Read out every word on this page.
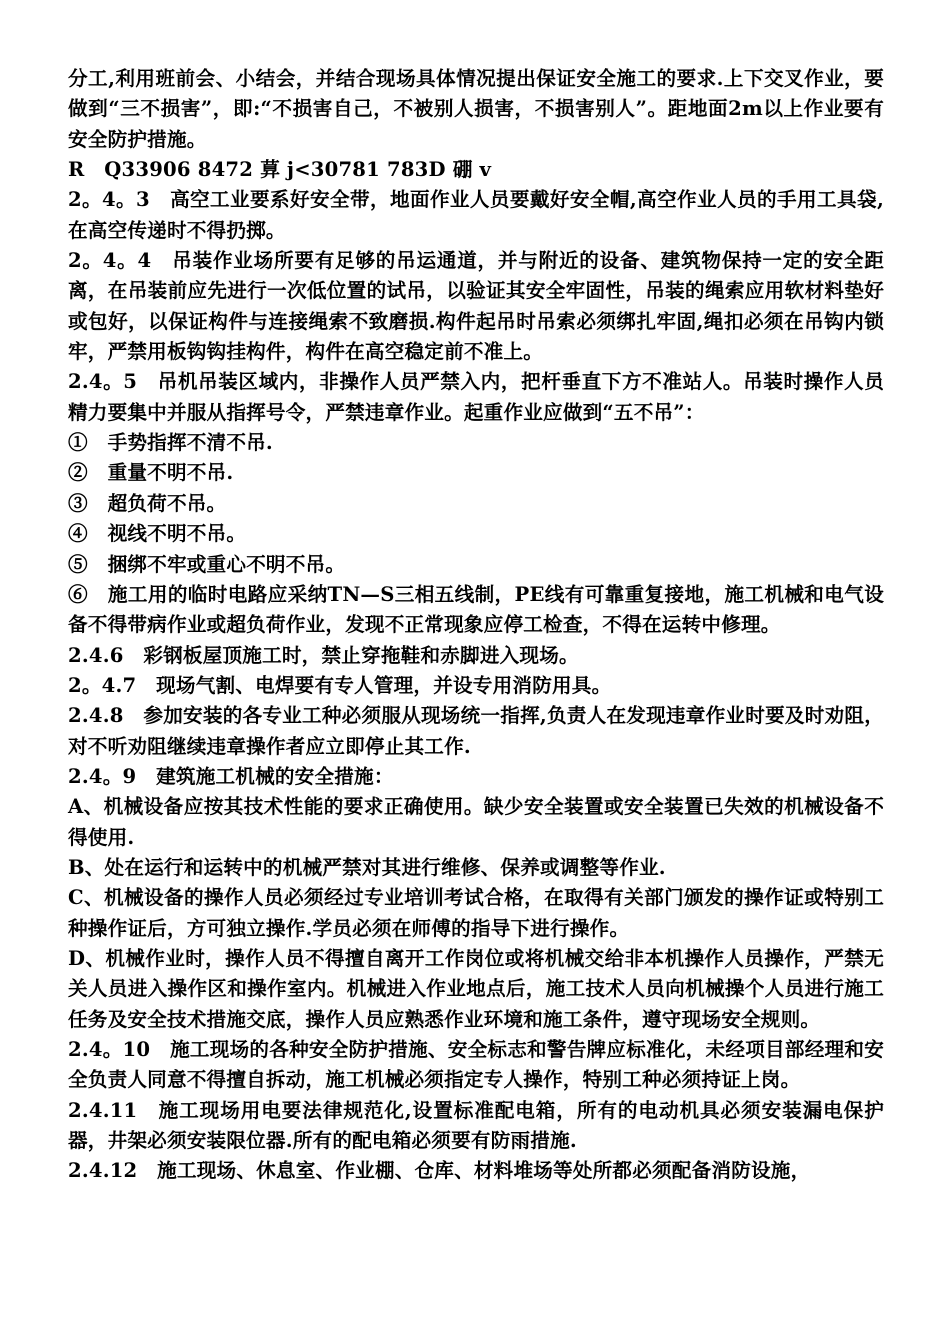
分工,利用班前会、小结会，并结合现场具体情况提出保证安全施工的要求.上下交叉作业，要做到“三不损害”，即:“不损害自己，不被别人损害，不损害别人”。距地面2m以上作业要有安全防护措施。

R　Q33906 8472 萛 j<30781 783D 硼 v

2。4。3　高空工业要系好安全带，地面作业人员要戴好安全帽,高空作业人员的手用工具袋,在高空传递时不得扔掷。

2。4。4　吊装作业场所要有足够的吊运通道，并与附近的设备、建筑物保持一定的安全距离，在吊装前应先进行一次低位置的试吊，以验证其安全牢固性，吊装的绳索应用软材料垫好或包好，以保证构件与连接绳索不致磨损.构件起吊时吊索必须绑扎牢固,绳扣必须在吊钩内锁牢，严禁用板钩钩挂构件，构件在高空稳定前不准上。

2.4。5　吊机吊装区域内，非操作人员严禁入内，把杆垂直下方不准站人。吊装时操作人员精力要集中并服从指挥号令，严禁违章作业。起重作业应做到“五不吊”：

①　手势指挥不清不吊.

②　重量不明不吊.

③　超负荷不吊。

④　视线不明不吊。

⑤　捆绑不牢或重心不明不吊。

⑥　施工用的临时电路应采纳TN—S三相五线制，PE线有可靠重复接地，施工机械和电气设备不得带病作业或超负荷作业，发现不正常现象应停工检查，不得在运转中修理。

2.4.6　彩钢板屋顶施工时，禁止穿拖鞋和赤脚进入现场。

2。4.7　现场气割、电焊要有专人管理，并设专用消防用具。

2.4.8　参加安装的各专业工种必须服从现场统一指挥,负责人在发现违章作业时要及时劝阻，对不听劝阻继续违章操作者应立即停止其工作.

2.4。9　建筑施工机械的安全措施：

A、机械设备应按其技术性能的要求正确使用。缺少安全装置或安全装置已失效的机械设备不得使用.

B、处在运行和运转中的机械严禁对其进行维修、保养或调整等作业.

C、机械设备的操作人员必须经过专业培训考试合格，在取得有关部门颁发的操作证或特别工种操作证后，方可独立操作.学员必须在师傅的指导下进行操作。

D、机械作业时，操作人员不得擅自离开工作岗位或将机械交给非本机操作人员操作，严禁无关人员进入操作区和操作室内。机械进入作业地点后，施工技术人员向机械操个人员进行施工任务及安全技术措施交底，操作人员应熟悉作业环境和施工条件，遵守现场安全规则。

2.4。10　施工现场的各种安全防护措施、安全标志和警告牌应标准化，未经项目部经理和安全负责人同意不得擅自拆动，施工机械必须指定专人操作，特别工种必须持证上岗。

2.4.11　施工现场用电要法律规范化,设置标准配电箱，所有的电动机具必须安装漏电保护器，井架必须安装限位器.所有的配电箱必须要有防雨措施.

2.4.12　施工现场、休息室、作业棚、仓库、材料堆场等处所都必须配备消防设施，
